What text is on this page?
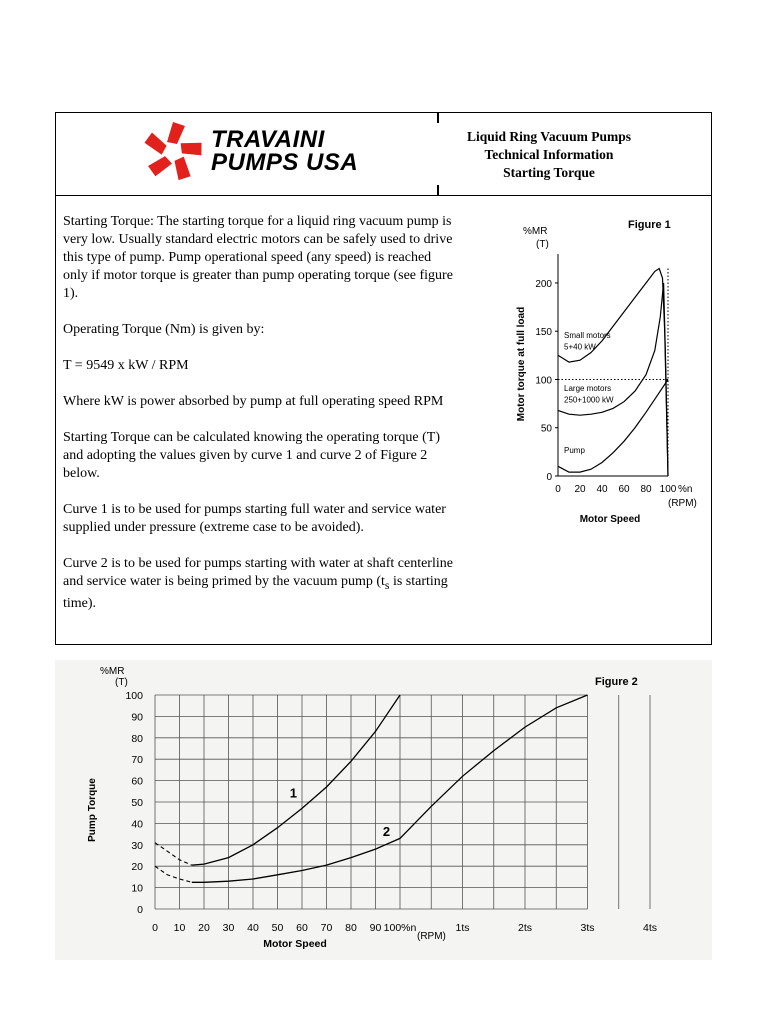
TRAVAINI
PUMPS USA
Liquid Ring Vacuum Pumps
Technical Information
Starting Torque

Starting Torque: The starting torque for a liquid ring vacuum pump is very low. Usually standard electric motors can be safely used to drive this type of pump. Pump operational speed (any speed) is reached only if motor torque is greater than pump operating torque (see figure 1).

Operating Torque (Nm) is given by:

T = 9549 x kW / RPM

Where kW is power absorbed by pump at full operating speed RPM

Starting Torque can be calculated knowing the operating torque (T) and adopting the values given by curve 1 and curve 2 of Figure 2 below.

Curve 1 is to be used for pumps starting full water and service water supplied under pressure (extreme case to be avoided).

Curve 2 is to be used for pumps starting with water at shaft centerline and service water is being primed by the vacuum pump ($t_s$ is starting time).

Figure 1
%MR
(T)
Motor torque at full load
0
50
100
150
200
0 20 40 60 80 100 %n
(RPM)
Motor Speed
Small motors
5+40 kW
Large motors
250+1000 kW
Pump
Figure 2
%MR
(T)
Pump Torque
0
10
20
30
40
50
60
70
80
90
100
0 10 20 30 40 50 60 70 80 90 100%n	1ts	2ts	3ts	4ts
(RPM)
Motor Speed
1
2
